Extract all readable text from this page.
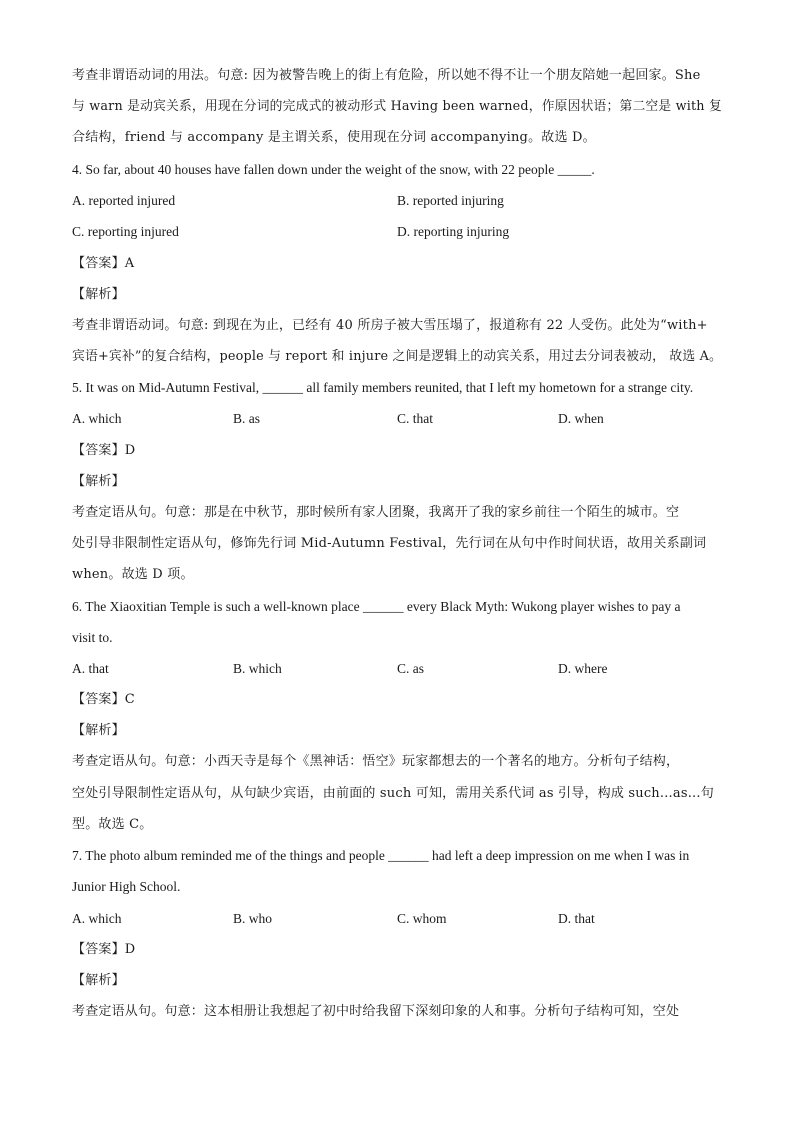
考查非谓语动词的用法。句意: 因为被警告晚上的街上有危险，所以她不得不让一个朋友陪她一起回家。She

与 warn 是动宾关系，用现在分词的完成式的被动形式 Having been warned，作原因状语；第二空是 with 复

合结构，friend 与 accompany 是主谓关系，使用现在分词 accompanying。故选 D。

4. So far, about 40 houses have fallen down under the weight of the snow, with 22 people _____.

A. reported injured	B. reported injuring

C. reporting injured	D. reporting injuring

【答案】A

【解析】

考查非谓语动词。句意: 到现在为止，已经有 40 所房子被大雪压塌了，报道称有 22 人受伤。此处为“with+

宾语+宾补”的复合结构，people 与 report 和 injure 之间是逻辑上的动宾关系，用过去分词表被动， 故选 A。

5. It was on Mid-Autumn Festival, ______ all family members reunited, that I left my hometown for a strange city.

A. which	B. as	C. that	D. when

【答案】D

【解析】

考查定语从句。句意：那是在中秋节，那时候所有家人团聚，我离开了我的家乡前往一个陌生的城市。空

处引导非限制性定语从句，修饰先行词 Mid-Autumn Festival，先行词在从句中作时间状语，故用关系副词

when。故选 D 项。

6. The Xiaoxitian Temple is such a well-known place ______ every Black Myth: Wukong player wishes to pay a

visit to.

A. that	B. which	C. as	D. where

【答案】C

【解析】

考查定语从句。句意：小西天寺是每个《黑神话：悟空》玩家都想去的一个著名的地方。分析句子结构，

空处引导限制性定语从句，从句缺少宾语，由前面的 such 可知，需用关系代词 as 引导，构成 such...as...句

型。故选 C。

7. The photo album reminded me of the things and people ______ had left a deep impression on me when I was in

Junior High School.

A. which	B. who	C. whom	D. that

【答案】D

【解析】

考查定语从句。句意：这本相册让我想起了初中时给我留下深刻印象的人和事。分析句子结构可知，空处
